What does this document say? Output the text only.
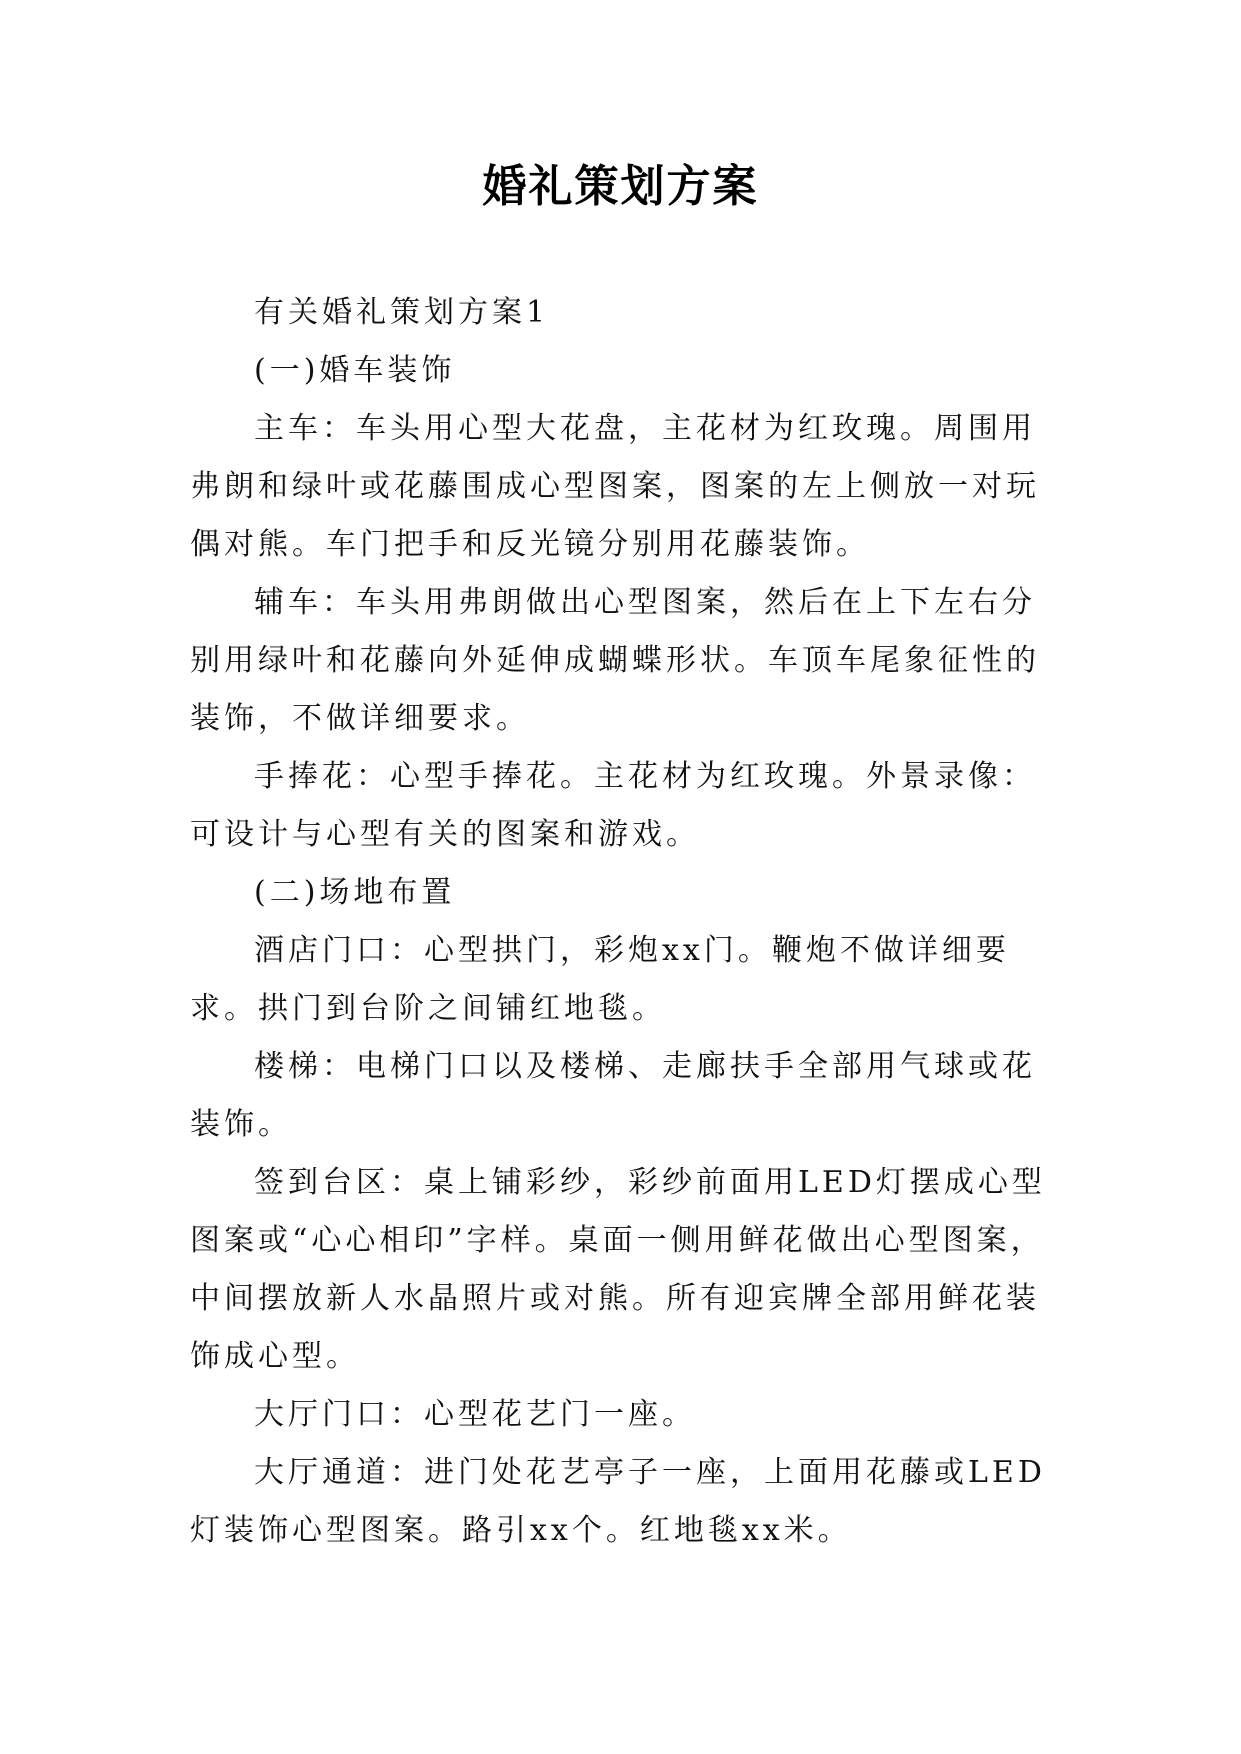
婚礼策划方案

有关婚礼策划方案1

(一)婚车装饰

主车：车头用心型大花盘，主花材为红玫瑰。周围用弗朗和绿叶或花藤围成心型图案，图案的左上侧放一对玩偶对熊。车门把手和反光镜分别用花藤装饰。

辅车：车头用弗朗做出心型图案，然后在上下左右分别用绿叶和花藤向外延伸成蝴蝶形状。车顶车尾象征性的装饰，不做详细要求。

手捧花：心型手捧花。主花材为红玫瑰。外景录像：可设计与心型有关的图案和游戏。

(二)场地布置

酒店门口：心型拱门，彩炮xx门。鞭炮不做详细要求。拱门到台阶之间铺红地毯。

楼梯：电梯门口以及楼梯、走廊扶手全部用气球或花装饰。

签到台区：桌上铺彩纱，彩纱前面用LED灯摆成心型图案或“心心相印”字样。桌面一侧用鲜花做出心型图案，中间摆放新人水晶照片或对熊。所有迎宾牌全部用鲜花装饰成心型。

大厅门口：心型花艺门一座。

大厅通道：进门处花艺亭子一座，上面用花藤或LED灯装饰心型图案。路引xx个。红地毯xx米。
